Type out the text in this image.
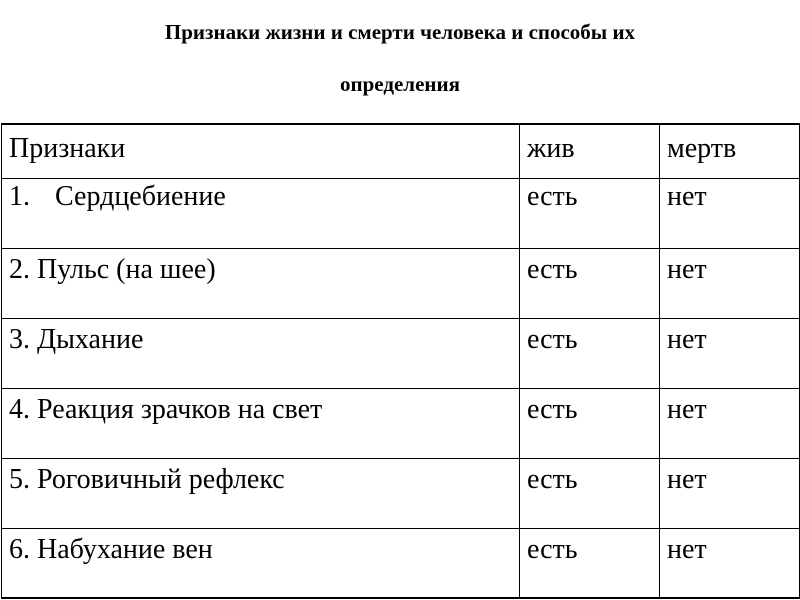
Признаки жизни и смерти человека и способы их
определения
Признаки	жив	мертв
1. Сердцебиение	есть	нет
2. Пульс (на шее)	есть	нет
3. Дыхание	есть	нет
4. Реакция зрачков на свет	есть	нет
5. Роговичный рефлекс	есть	нет
6. Набухание вен	есть	нет
